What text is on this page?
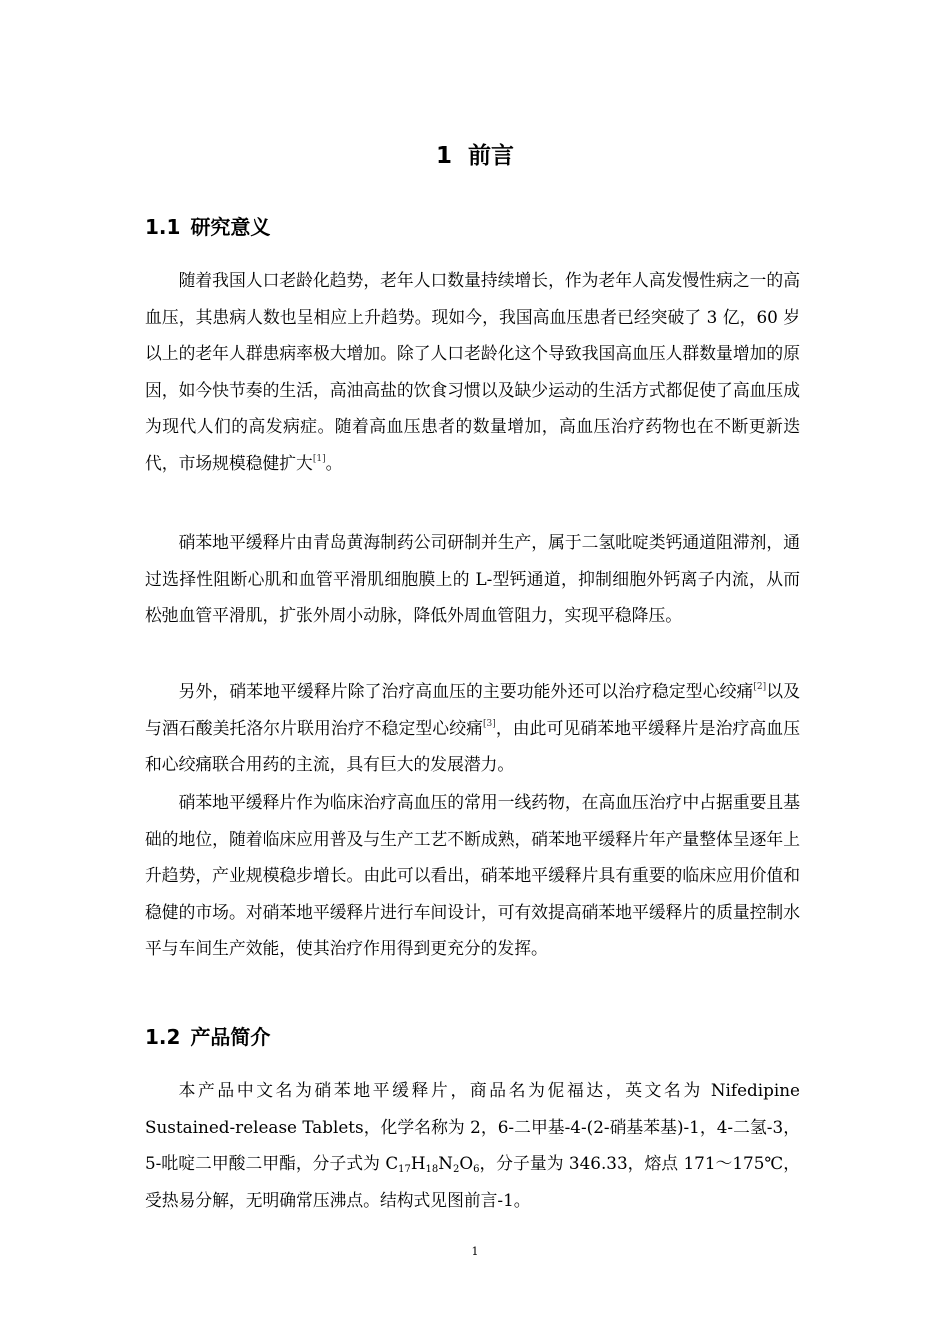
1 前言
1.1 研究意义

随着我国人口老龄化趋势，老年人口数量持续增长，作为老年人高发慢性病之一的高血压，其患病人数也呈相应上升趋势。现如今，我国高血压患者已经突破了 3 亿，60 岁以上的老年人群患病率极大增加。除了人口老龄化这个导致我国高血压人群数量增加的原因，如今快节奏的生活，高油高盐的饮食习惯以及缺少运动的生活方式都促使了高血压成为现代人们的高发病症。随着高血压患者的数量增加，高血压治疗药物也在不断更新迭代，市场规模稳健扩大[1]。

硝苯地平缓释片由青岛黄海制药公司研制并生产，属于二氢吡啶类钙通道阻滞剂，通过选择性阻断心肌和血管平滑肌细胞膜上的 L-型钙通道，抑制细胞外钙离子内流，从而松弛血管平滑肌，扩张外周小动脉，降低外周血管阻力，实现平稳降压。

另外，硝苯地平缓释片除了治疗高血压的主要功能外还可以治疗稳定型心绞痛[2]以及与酒石酸美托洛尔片联用治疗不稳定型心绞痛[3]，由此可见硝苯地平缓释片是治疗高血压和心绞痛联合用药的主流，具有巨大的发展潜力。

硝苯地平缓释片作为临床治疗高血压的常用一线药物，在高血压治疗中占据重要且基础的地位，随着临床应用普及与生产工艺不断成熟，硝苯地平缓释片年产量整体呈逐年上升趋势，产业规模稳步增长。由此可以看出，硝苯地平缓释片具有重要的临床应用价值和稳健的市场。对硝苯地平缓释片进行车间设计，可有效提高硝苯地平缓释片的质量控制水平与车间生产效能，使其治疗作用得到更充分的发挥。

1.2 产品简介

本产品中文名为硝苯地平缓释片，商品名为伲福达，英文名为 Nifedipine Sustained-release Tablets，化学名称为 2，6-二甲基-4-(2-硝基苯基)-1，4-二氢-3，5-吡啶二甲酸二甲酯，分子式为 $C_{17}H_{18}N_2O_6$，分子量为 346.33，熔点 171～175℃，受热易分解，无明确常压沸点。结构式见图前言-1。

1
